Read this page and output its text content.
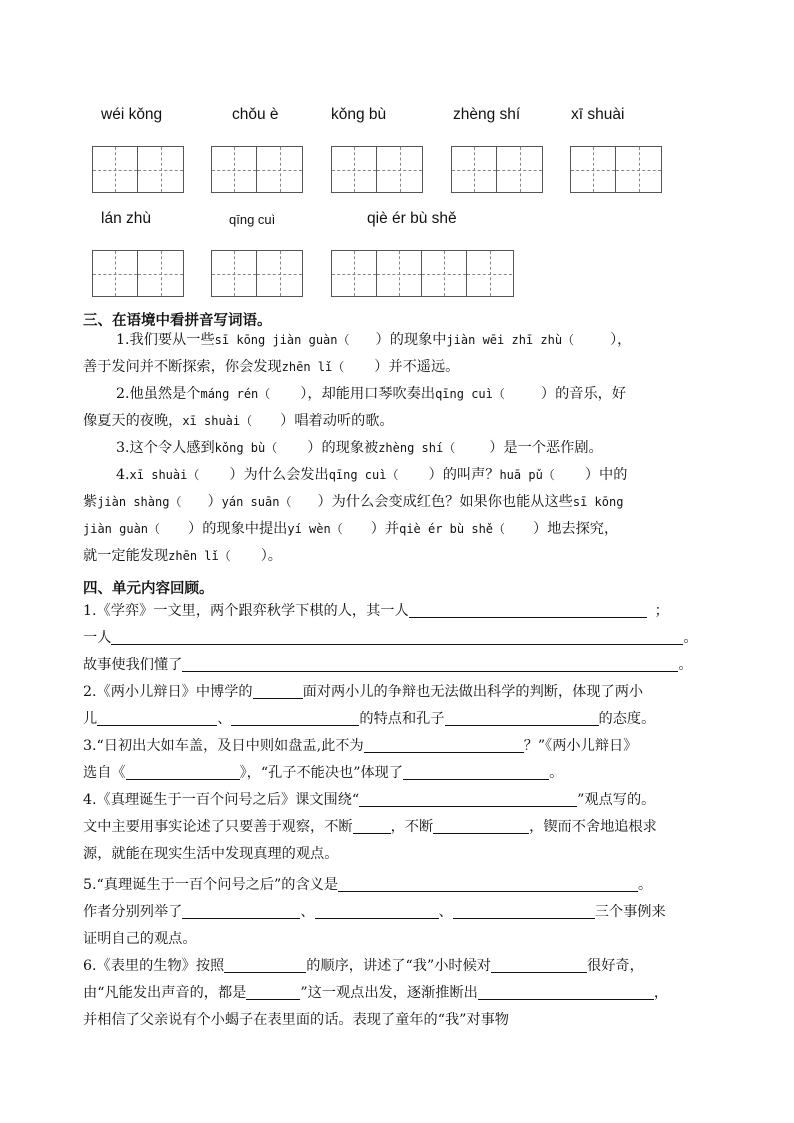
wéi kǒng	chǒu è	kǒng bù	zhèng shí	xī shuài
lán zhù	qīng cuì	qiè ér bù shě
三、在语境中看拼音写词语。
1.我们要从一些sī kōng jiàn guàn（ ）的现象中jiàn wēi zhī zhù（	），
善于发问并不断探索，你会发现zhēn lǐ（ ）并不遥远。
2.他虽然是个máng rén（ ），却能用口琴吹奏出qīng cuì（	）的音乐，好
像夏天的夜晚，xī shuài（ ）唱着动听的歌。
3.这个令人感到kǒng bù（ ）的现象被zhèng shí（ ）是一个恶作剧。
4.xī shuài（ ）为什么会发出qīng cuì（ ）的叫声？huā pǔ（ ）中的
紫jiàn shàng（ ）yán suān（ ）为什么会变成红色？如果你也能从这些sī kōng
jiàn guàn（ ）的现象中提出yí wèn（ ）并qiè ér bù shě（ ）地去探究，
就一定能发现zhēn lǐ（ ）。
四、单元内容回顾。
1.《学弈》一文里，两个跟弈秋学下棋的人，其一人	；
一人	。
故事使我们懂了	。
2.《两小儿辩日》中博学的	面对两小儿的争辩也无法做出科学的判断，体现了两小
儿	、	的特点和孔子	的态度。
3.“日初出大如车盖，及日中则如盘盂,此不为	？”《两小儿辩日》
选自《	》，“孔子不能决也”体现了	。
4.《真理诞生于一百个问号之后》课文围绕“	”观点写的。
文中主要用事实论述了只要善于观察，不断	，不断	，锲而不舍地追根求
源，就能在现实生活中发现真理的观点。
5.“真理诞生于一百个问号之后”的含义是	。
作者分别列举了	、	、	三个事例来
证明自己的观点。
6.《表里的生物》按照	的顺序，讲述了“我”小时候对	很好奇，
由“凡能发出声音的，都是	”这一观点出发，逐渐推断出	，
并相信了父亲说有个小蝎子在表里面的话。表现了童年的“我”对事物
